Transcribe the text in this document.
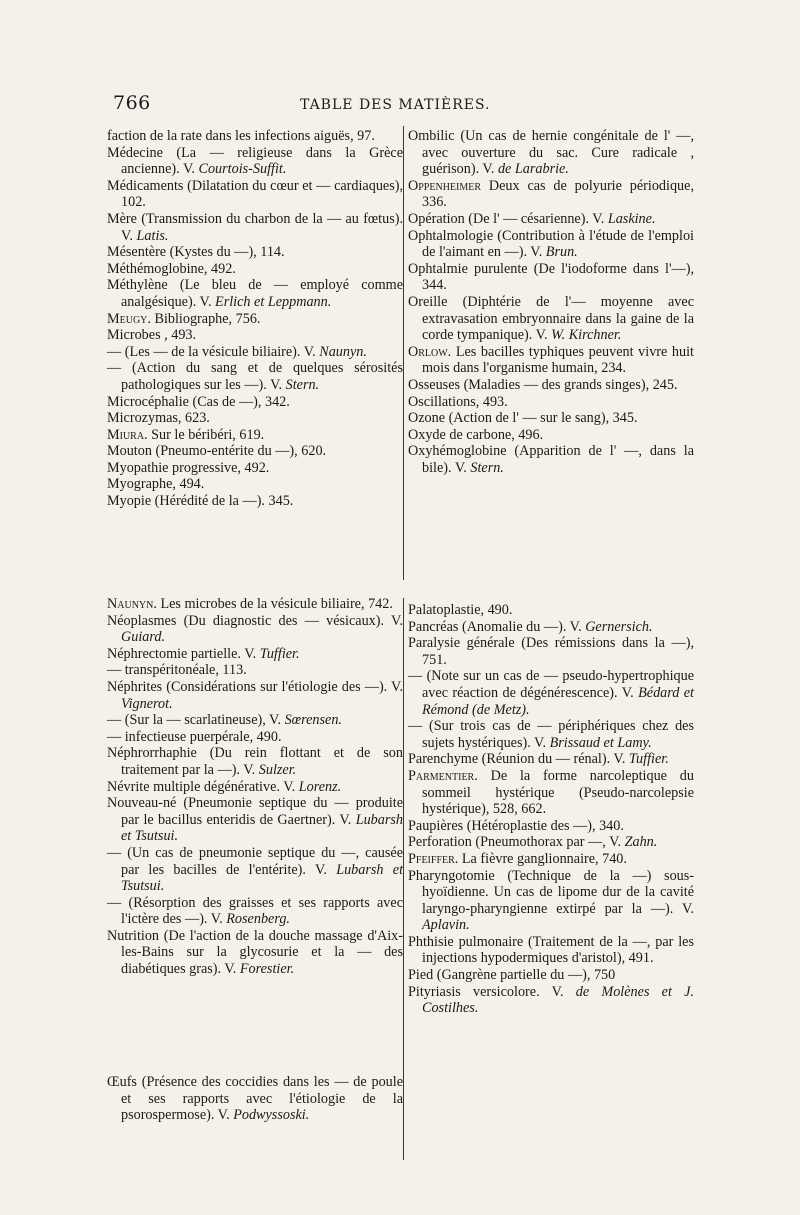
766	TABLE DES MATIÈRES.

faction de la rate dans les infections aiguës, 97.

Médecine (La — religieuse dans la Grèce ancienne). V. Courtois-Suffit.

Médicaments (Dilatation du cœur et — cardiaques), 102.

Mère (Transmission du charbon de la — au fœtus). V. Latis.

Mésentère (Kystes du —), 114.

Méthémoglobine, 492.

Méthylène (Le bleu de — employé comme analgésique). V. Erlich et Leppmann.

Meugy. Bibliographe, 756.

Microbes , 493.

— (Les — de la vésicule biliaire). V. Naunyn.

— (Action du sang et de quelques sérosités pathologiques sur les —). V. Stern.

Microcéphalie (Cas de —), 342.

Microzymas, 623.

Miura. Sur le béribéri, 619.

Mouton (Pneumo-entérite du —), 620.

Myopathie progressive, 492.

Myographe, 494.

Myopie (Hérédité de la —). 345.

Naunyn. Les microbes de la vésicule biliaire, 742.

Néoplasmes (Du diagnostic des — vésicaux). V. Guiard.

Néphrectomie partielle. V. Tuffier.

— transpéritonéale, 113.

Néphrites (Considérations sur l'étiologie des —). V. Vignerot.

— (Sur la — scarlatineuse), V. Sœrensen.

— infectieuse puerpérale, 490.

Néphrorrhaphie (Du rein flottant et de son traitement par la —). V. Sulzer.

Névrite multiple dégénérative. V. Lorenz.

Nouveau-né (Pneumonie septique du — produite par le bacillus enteridis de Gaertner). V. Lubarsh et Tsutsui.

— (Un cas de pneumonie septique du —, causée par les bacilles de l'entérite). V. Lubarsh et Tsutsui.

— (Résorption des graisses et ses rapports avec l'ictère des —). V. Rosenberg.

Nutrition (De l'action de la douche massage d'Aix-les-Bains sur la glycosurie et la — des diabétiques gras). V. Forestier.

Œufs (Présence des coccidies dans les — de poule et ses rapports avec l'étiologie de la psorospermose). V. Podwyssoski.

Ombilic (Un cas de hernie congénitale de l' —, avec ouverture du sac. Cure radicale , guérison). V. de Larabrie.

Oppenheimer Deux cas de polyurie périodique, 336.

Opération (De l' — césarienne). V. Laskine.

Ophtalmologie (Contribution à l'étude de l'emploi de l'aimant en —). V. Brun.

Ophtalmie purulente (De l'iodoforme dans l'—), 344.

Oreille (Diphtérie de l'— moyenne avec extravasation embryonnaire dans la gaine de la corde tympanique). V. W. Kirchner.

Orlow. Les bacilles typhiques peuvent vivre huit mois dans l'organisme humain, 234.

Osseuses (Maladies — des grands singes), 245.

Oscillations, 493.

Ozone (Action de l' — sur le sang), 345.

Oxyde de carbone, 496.

Oxyhémoglobine (Apparition de l' —, dans la bile). V. Stern.

Palatoplastie, 490.

Pancréas (Anomalie du —). V. Gernersich.

Paralysie générale (Des rémissions dans la —), 751.

— (Note sur un cas de — pseudo-hypertrophique avec réaction de dégénérescence). V. Bédard et Rémond (de Metz).

— (Sur trois cas de — périphériques chez des sujets hystériques). V. Brissaud et Lamy.

Parenchyme (Réunion du — rénal). V. Tuffier.

Parmentier. De la forme narcoleptique du sommeil hystérique (Pseudo-narcolepsie hystérique), 528, 662.

Paupières (Hétéroplastie des —), 340.

Perforation (Pneumothorax par —, V. Zahn.

Pfeiffer. La fièvre ganglionnaire, 740.

Pharyngotomie (Technique de la —) sous-hyoïdienne. Un cas de lipome dur de la cavité laryngo-pharyngienne extirpé par la —). V. Aplavin.

Phthisie pulmonaire (Traitement de la —, par les injections hypodermiques d'aristol), 491.

Pied (Gangrène partielle du —), 750

Pityriasis versicolore. V. de Molènes et J. Costilhes.
